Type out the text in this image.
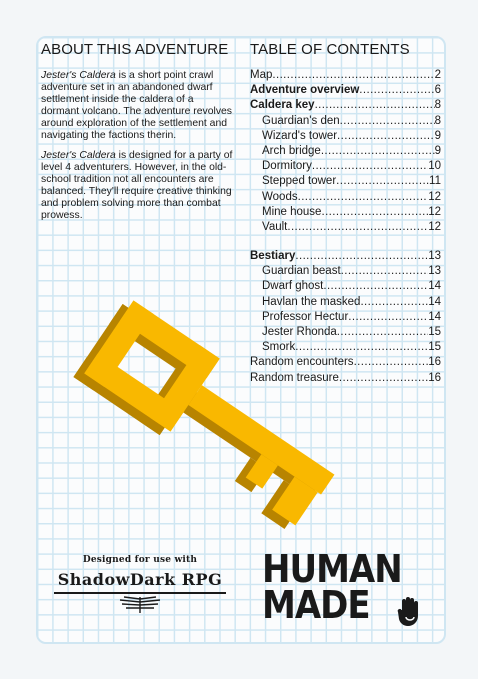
ABOUT THIS ADVENTURE

Jester's Caldera is a short point crawl adventure set in an abandoned dwarf settlement inside the caldera of a dormant volcano. The adventure revolves around exploration of the settlement and navigating the factions therin.

Jester's Caldera is designed for a party of level 4 adventurers. However, in the old-school tradition not all encounters are balanced. They'll require creative thinking and problem solving more than combat prowess.

TABLE OF CONTENTS
Map .....	2
Adventure overview .....	6
Caldera key .....	8
Guardian's den .....	8
Wizard's tower .....	9
Arch bridge .....	9
Dormitory .....	10
Stepped tower .....	11
Woods .....	12
Mine house .....	12
Vault .....	12
Bestiary .....	13
Guardian beast .....	13
Dwarf ghost .....	14
Havlan the masked .....	14
Professor Hectur .....	14
Jester Rhonda .....	15
Smork .....	15
Random encounters .....	16
Random treasure .....	16
Designed for use with
ShadowDark RPG HUMAN
MADE
